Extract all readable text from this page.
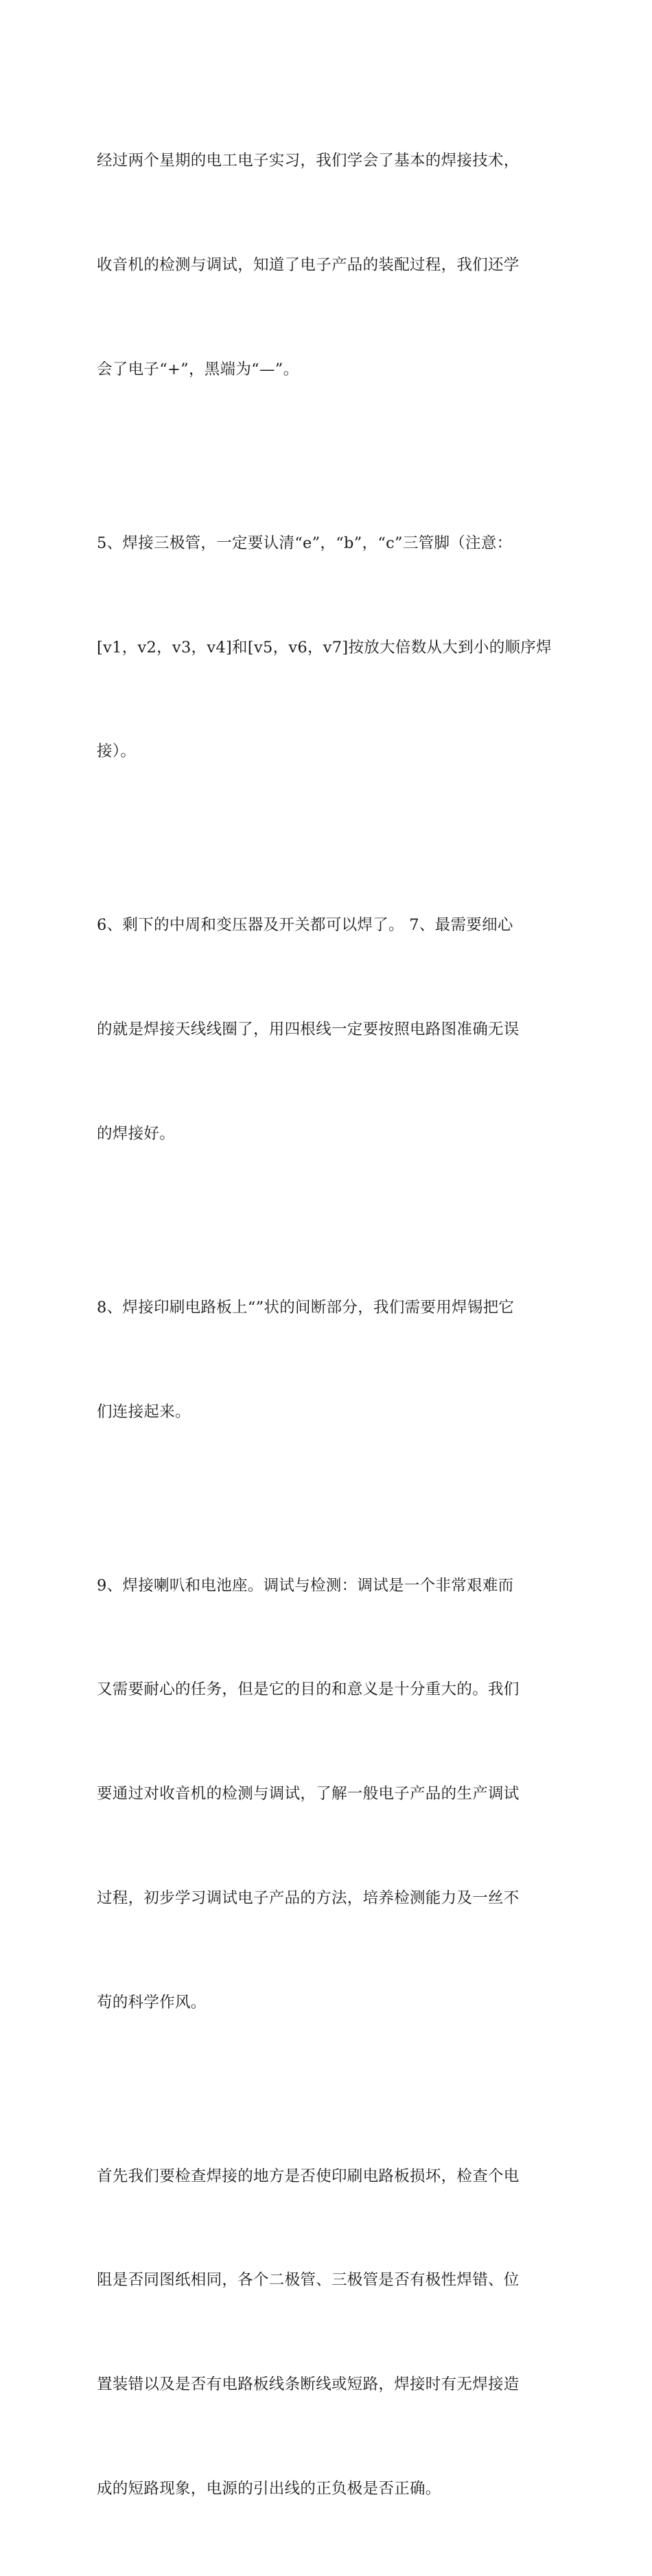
经过两个星期的电工电子实习，我们学会了基本的焊接技术，

收音机的检测与调试，知道了电子产品的装配过程，我们还学

会了电子“+”，黑端为“—”。

5、焊接三极管，一定要认清“e”，“b”，“c”三管脚（注意：

[v1，v2，v3，v4]和[v5，v6，v7]按放大倍数从大到小的顺序焊

接）。

6、剩下的中周和变压器及开关都可以焊了。 7、最需要细心

的就是焊接天线线圈了，用四根线一定要按照电路图准确无误

的焊接好。

8、焊接印刷电路板上“”状的间断部分，我们需要用焊锡把它

们连接起来。

9、焊接喇叭和电池座。调试与检测：调试是一个非常艰难而

又需要耐心的任务，但是它的目的和意义是十分重大的。我们

要通过对收音机的检测与调试，了解一般电子产品的生产调试

过程，初步学习调试电子产品的方法，培养检测能力及一丝不

苟的科学作风。

首先我们要检查焊接的地方是否使印刷电路板损坏，检查个电

阻是否同图纸相同，各个二极管、三极管是否有极性焊错、位

置装错以及是否有电路板线条断线或短路，焊接时有无焊接造

成的短路现象，电源的引出线的正负极是否正确。
